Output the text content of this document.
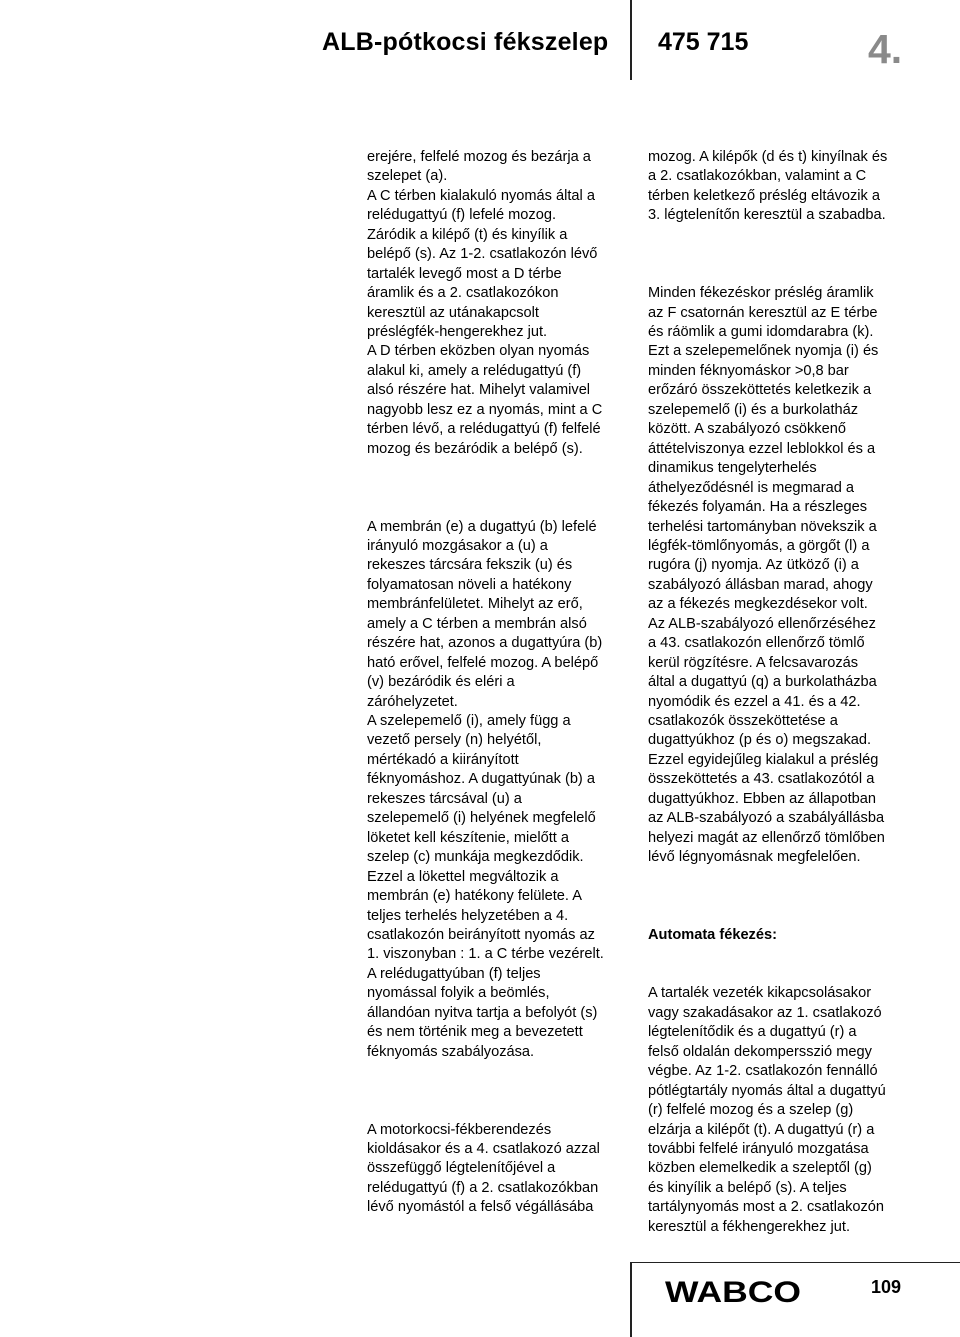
ALB-pótkocsi fékszelep 475 715	4.

erejére, felfelé mozog és bezárja a
szelepet (a).
A C térben kialakuló nyomás által a
relédugattyú (f) lefelé mozog.
Záródik a kilépő (t) és kinyílik a
belépő (s). Az 1-2. csatlakozón lévő
tartalék levegő most a D térbe
áramlik és a 2. csatlakozókon
keresztül az utánakapcsolt
préslégfék-hengerekhez jut.
A D térben eközben olyan nyomás
alakul ki, amely a relédugattyú (f)
alsó részére hat. Mihelyt valamivel
nagyobb lesz ez a nyomás, mint a C
térben lévő, a relédugattyú (f) felfelé
mozog és bezáródik a belépő (s).

A membrán (e) a dugattyú (b) lefelé
irányuló mozgásakor a (u) a
rekeszes tárcsára fekszik (u) és
folyamatosan növeli a hatékony
membránfelületet. Mihelyt az erő,
amely a C térben a membrán alsó
részére hat, azonos a dugattyúra (b)
ható erővel, felfelé mozog. A belépő
(v) bezáródik és eléri a
záróhelyzetet.
A szelepemelő (i), amely függ a
vezető persely (n) helyétől,
mértékadó a kiirányított
féknyomáshoz. A dugattyúnak (b) a
rekeszes tárcsával (u) a
szelepemelő (i) helyének megfelelő
löketet kell készítenie, mielőtt a
szelep (c) munkája megkezdődik.
Ezzel a lökettel megváltozik a
membrán (e) hatékony felülete. A
teljes terhelés helyzetében a 4.
csatlakozón beirányított nyomás az
1. viszonyban : 1. a C térbe vezérelt.
A relédugattyúban (f) teljes
nyomással folyik a beömlés,
állandóan nyitva tartja a befolyót (s)
és nem történik meg a bevezetett
féknyomás szabályozása.

A motorkocsi-fékberendezés
kioldásakor és a 4. csatlakozó azzal
összefüggő légtelenítőjével a
relédugattyú (f) a 2. csatlakozókban
lévő nyomástól a felső végállásába

mozog. A kilépők (d és t) kinyílnak és
a 2. csatlakozókban, valamint a C
térben keletkező préslég eltávozik a
3. légtelenítőn keresztül a szabadba.

Minden fékezéskor préslég áramlik
az F csatornán keresztül az E térbe
és ráömlik a gumi idomdarabra (k).
Ezt a szelepemelőnek nyomja (i) és
minden féknyomáskor >0,8 bar
erőzáró összeköttetés keletkezik a
szelepemelő (i) és a burkolatház
között. A szabályozó csökkenő
áttételviszonya ezzel leblokkol és a
dinamikus tengelyterhelés
áthelyeződésnél is megmarad a
fékezés folyamán. Ha a részleges
terhelési tartományban növekszik a
légfék-tömlőnyomás, a görgőt (l) a
rugóra (j) nyomja. Az ütköző (i) a
szabályozó állásban marad, ahogy
az a fékezés megkezdésekor volt.
Az ALB-szabályozó ellenőrzéséhez
a 43. csatlakozón ellenőrző tömlő
kerül rögzítésre. A felcsavarozás
által a dugattyú (q) a burkolatházba
nyomódik és ezzel a 41. és a 42.
csatlakozók összeköttetése a
dugattyúkhoz (p és o) megszakad.
Ezzel egyidejűleg kialakul a préslég
összeköttetés a 43. csatlakozótól a
dugattyúkhoz. Ebben az állapotban
az ALB-szabályozó a szabályállásba
helyezi magát az ellenőrző tömlőben
lévő légnyomásnak megfelelően.

Automata fékezés:

A tartalék vezeték kikapcsolásakor
vagy szakadásakor az 1. csatlakozó
légtelenítődik és a dugattyú (r) a
felső oldalán dekompersszió megy
végbe. Az 1-2. csatlakozón fennálló
pótlégtartály nyomás által a dugattyú
(r) felfelé mozog és a szelep (g)
elzárja a kilépőt (t). A dugattyú (r) a
további felfelé irányuló mozgatása
közben elemelkedik a szeleptől (g)
és kinyílik a belépő (s). A teljes
tartálynyomás most a 2. csatlakozón
keresztül a fékhengerekhez jut.

WABCO	109
